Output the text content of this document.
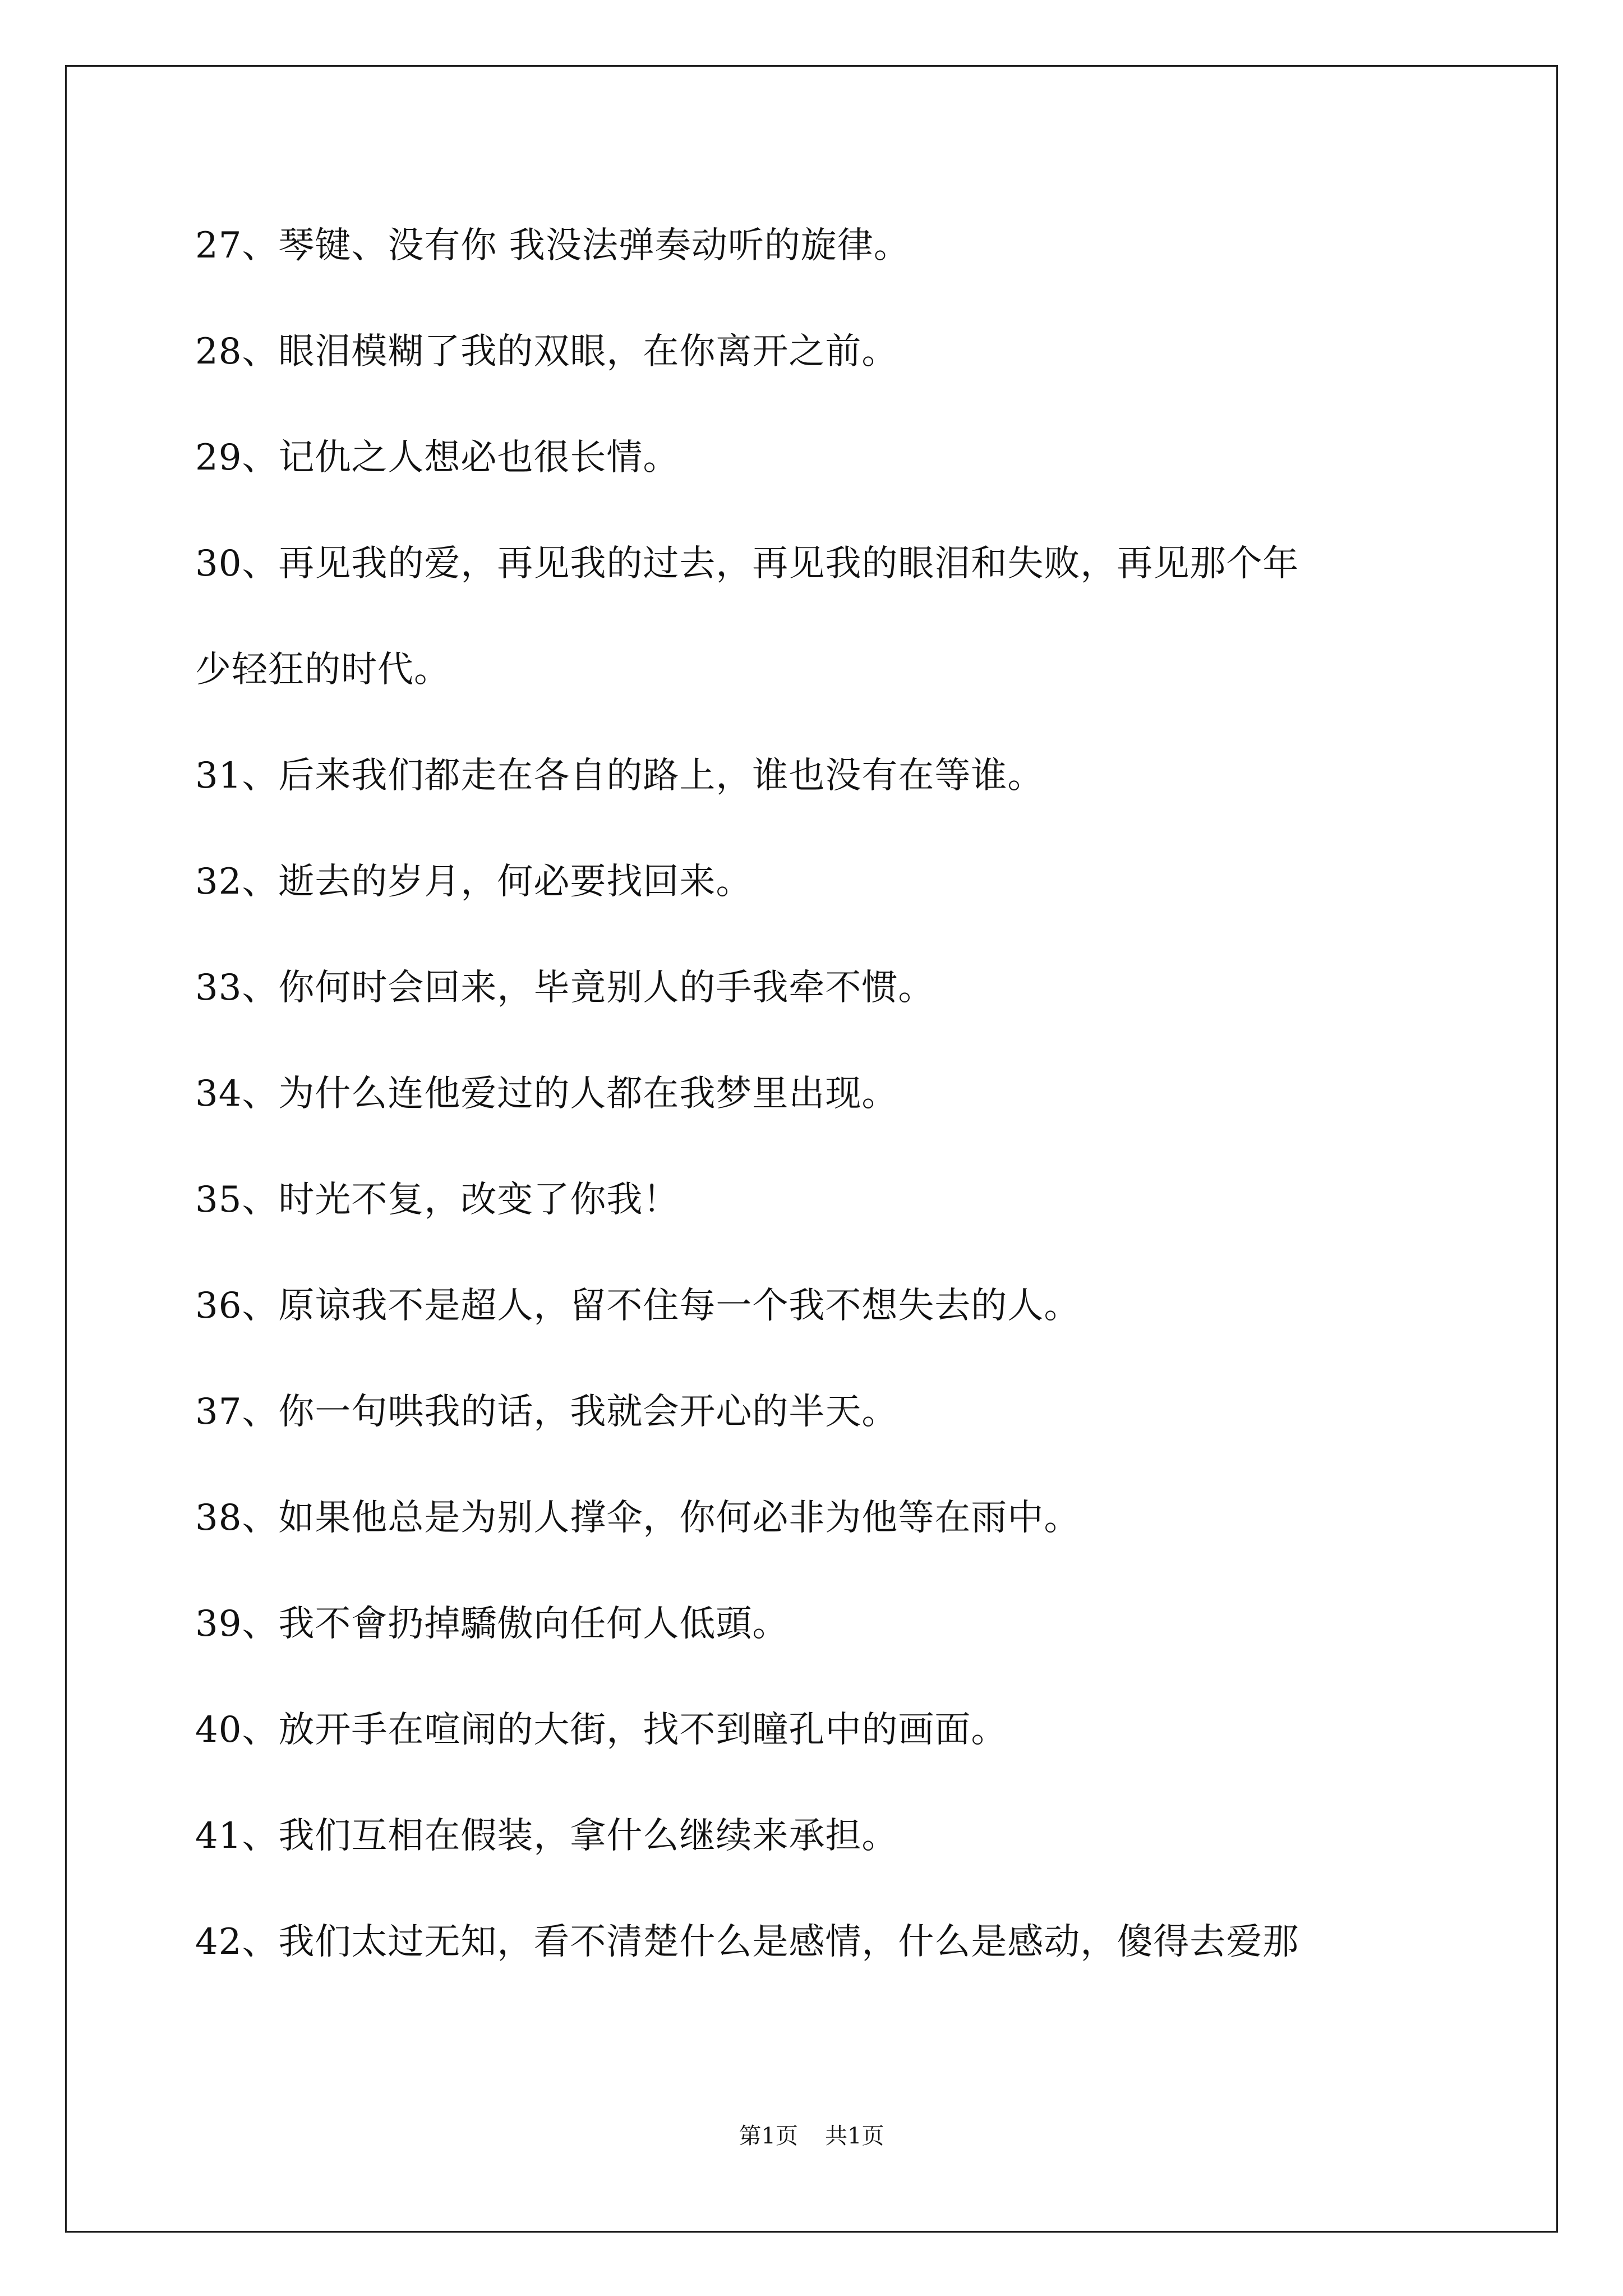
27、琴键、没有你 我没法弹奏动听的旋律。
28、眼泪模糊了我的双眼，在你离开之前。
29、记仇之人想必也很长情。
30、再见我的爱，再见我的过去，再见我的眼泪和失败，再见那个年
少轻狂的时代。
31、后来我们都走在各自的路上，谁也没有在等谁。
32、逝去的岁月，何必要找回来。
33、你何时会回来，毕竟别人的手我牵不惯。
34、为什么连他爱过的人都在我梦里出现。
35、时光不复，改变了你我！
36、原谅我不是超人，留不住每一个我不想失去的人。
37、你一句哄我的话，我就会开心的半天。
38、如果他总是为别人撑伞，你何必非为他等在雨中。
39、我不會扔掉驕傲向任何人低頭。
40、放开手在喧闹的大街，找不到瞳孔中的画面。
41、我们互相在假装，拿什么继续来承担。
42、我们太过无知，看不清楚什么是感情，什么是感动，傻得去爱那
第1页 共1页
